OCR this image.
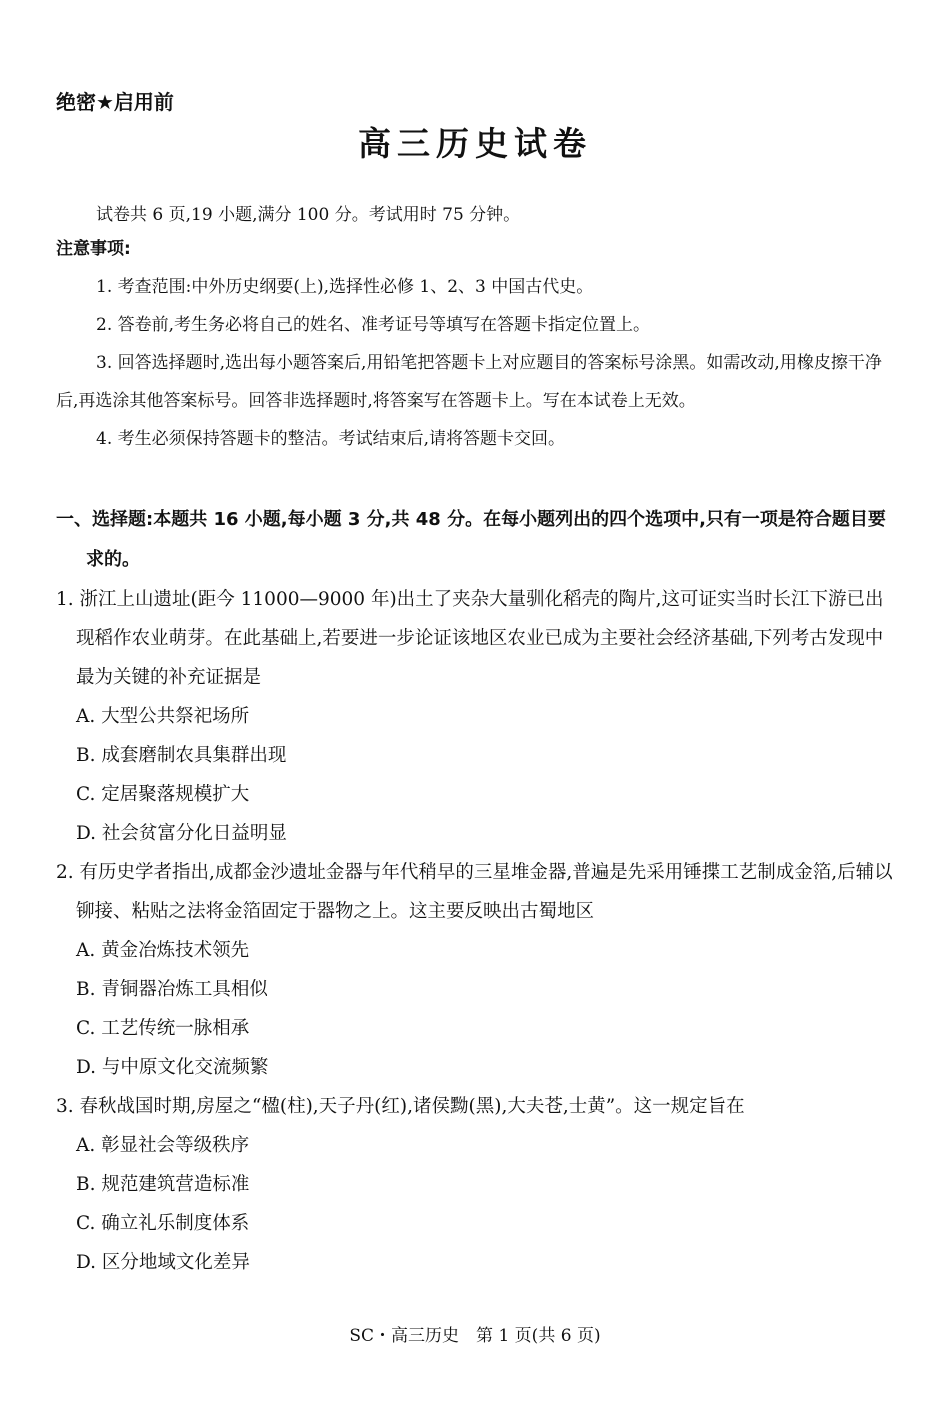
绝密★启用前
高三历史试卷

试卷共 6 页,19 小题,满分 100 分。考试用时 75 分钟。

注意事项:

1. 考查范围:中外历史纲要(上),选择性必修 1、2、3 中国古代史。

2. 答卷前,考生务必将自己的姓名、准考证号等填写在答题卡指定位置上。

3. 回答选择题时,选出每小题答案后,用铅笔把答题卡上对应题目的答案标号涂黑。如需改动,用橡皮擦干净后,再选涂其他答案标号。回答非选择题时,将答案写在答题卡上。写在本试卷上无效。

4. 考生必须保持答题卡的整洁。考试结束后,请将答题卡交回。

一、选择题:本题共 16 小题,每小题 3 分,共 48 分。在每小题列出的四个选项中,只有一项是符合题目要求的。

1. 浙江上山遗址(距今 11000—9000 年)出土了夹杂大量驯化稻壳的陶片,这可证实当时长江下游已出现稻作农业萌芽。在此基础上,若要进一步论证该地区农业已成为主要社会经济基础,下列考古发现中最为关键的补充证据是

A. 大型公共祭祀场所

B. 成套磨制农具集群出现

C. 定居聚落规模扩大

D. 社会贫富分化日益明显

2. 有历史学者指出,成都金沙遗址金器与年代稍早的三星堆金器,普遍是先采用锤揲工艺制成金箔,后辅以铆接、粘贴之法将金箔固定于器物之上。这主要反映出古蜀地区

A. 黄金冶炼技术领先

B. 青铜器冶炼工具相似

C. 工艺传统一脉相承

D. 与中原文化交流频繁

3. 春秋战国时期,房屋之“楹(柱),天子丹(红),诸侯黝(黑),大夫苍,士黄”。这一规定旨在

A. 彰显社会等级秩序

B. 规范建筑营造标准

C. 确立礼乐制度体系

D. 区分地域文化差异

SC・高三历史　第 1 页(共 6 页)
